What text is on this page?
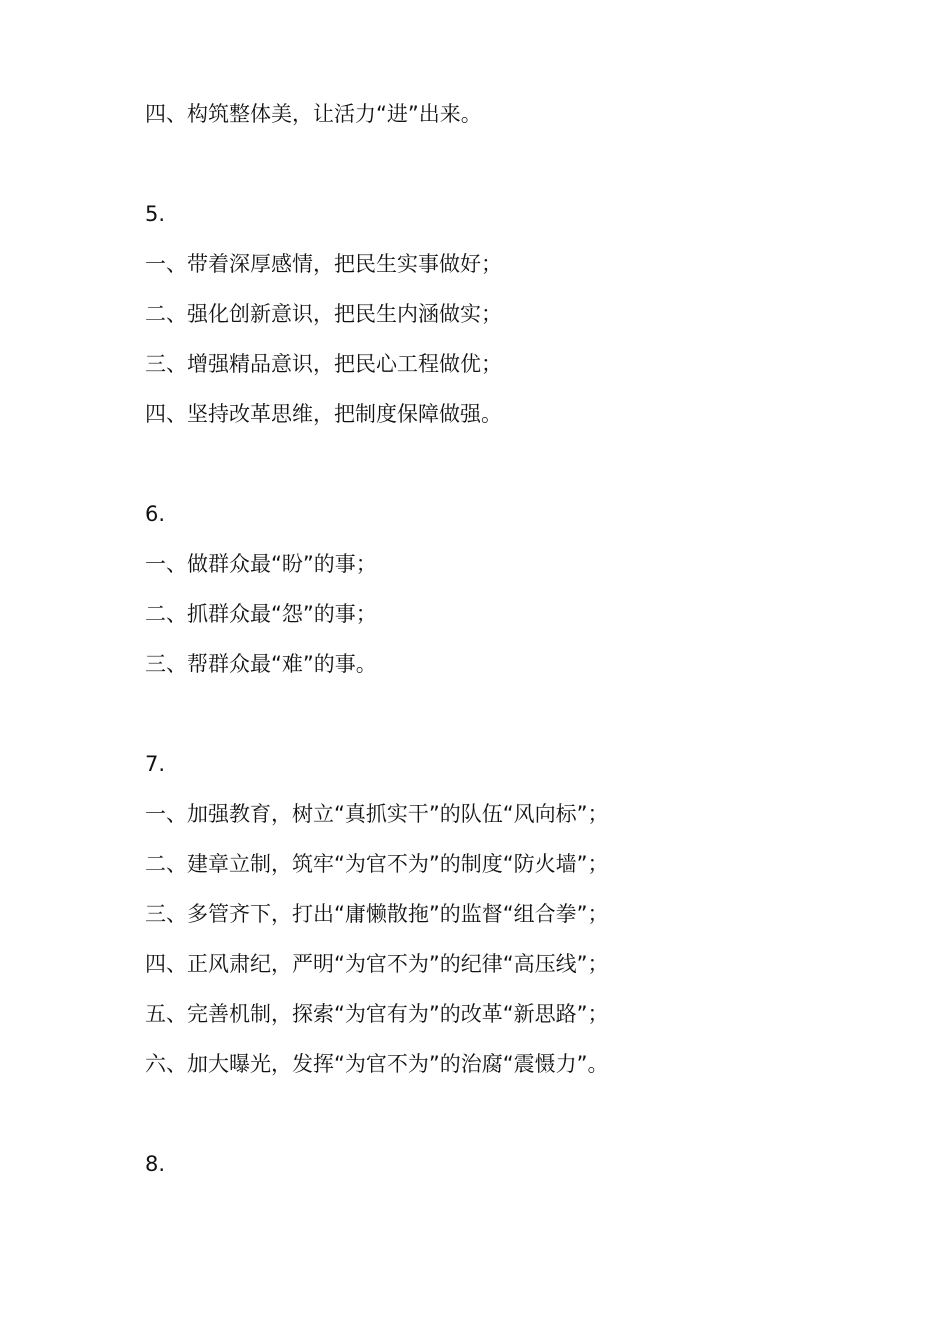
四、构筑整体美，让活力“进”出来。
5.
一、带着深厚感情，把民生实事做好；
二、强化创新意识，把民生内涵做实；
三、增强精品意识，把民心工程做优；
四、坚持改革思维，把制度保障做强。
6.
一、做群众最“盼”的事；
二、抓群众最“怨”的事；
三、帮群众最“难”的事。
7.
一、加强教育，树立“真抓实干”的队伍“风向标”；
二、建章立制，筑牢“为官不为”的制度“防火墙”；
三、多管齐下，打出“庸懒散拖”的监督“组合拳”；
四、正风肃纪，严明“为官不为”的纪律“高压线”；
五、完善机制，探索“为官有为”的改革“新思路”；
六、加大曝光，发挥“为官不为”的治腐“震慑力”。
8.
